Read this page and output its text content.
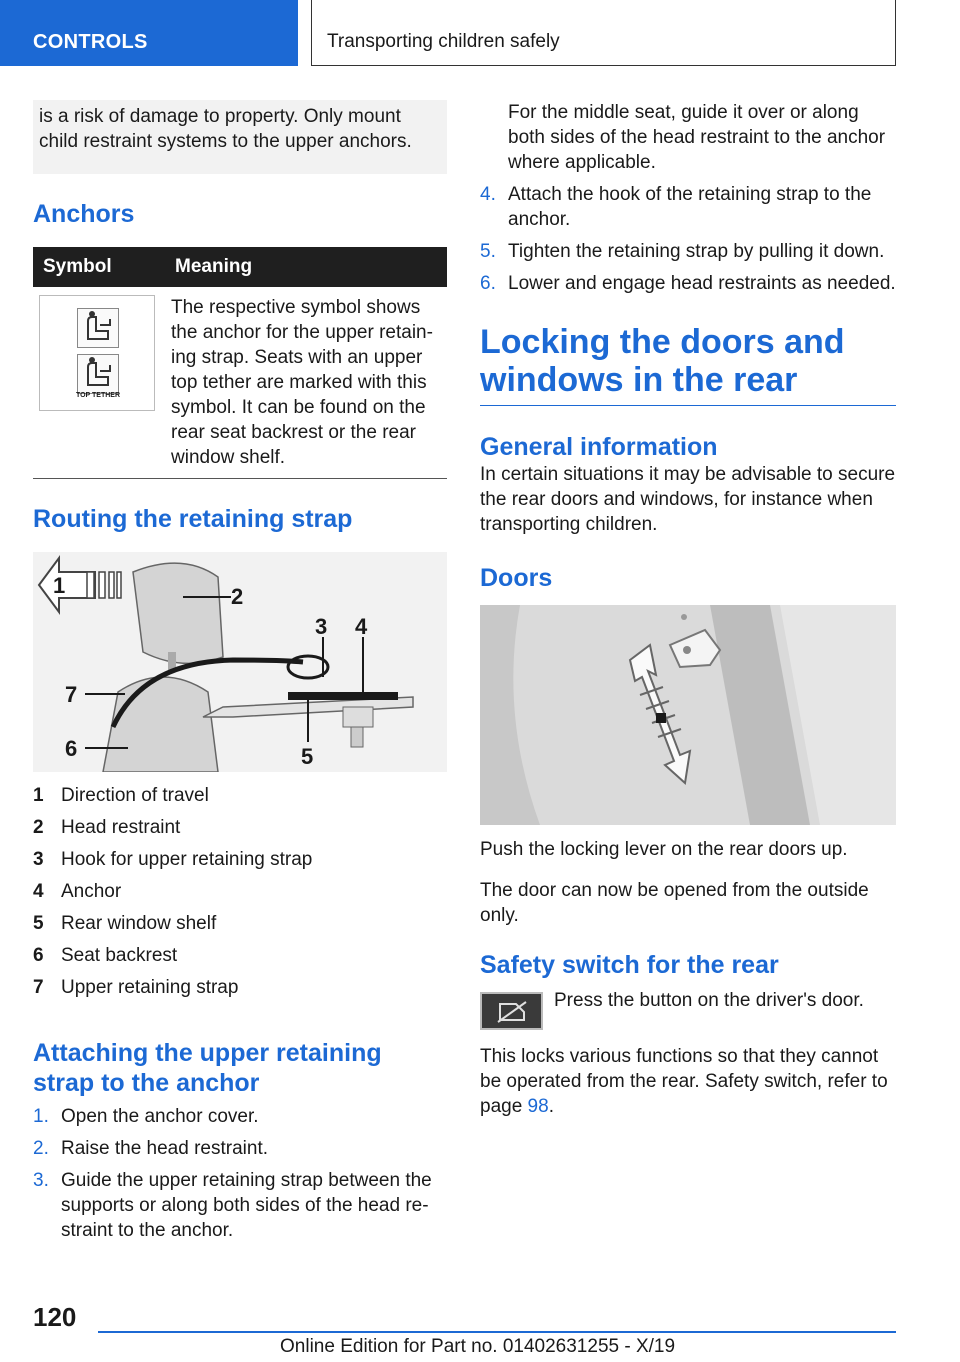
CONTROLS	Transporting children safely
is a risk of damage to property. Only mount child restraint systems to the upper anchors.
Anchors
Symbol	Meaning

TOP TETHER	The respective symbol shows the anchor for the upper retain-ing strap. Seats with an upper top tether are marked with this symbol. It can be found on the rear seat backrest or the rear window shelf.
Routing the retaining strap
1	2
3 4
5
6
7
1 Direction of travel
2 Head restraint
3 Hook for upper retaining strap
4 Anchor
5 Rear window shelf
6 Seat backrest
7 Upper retaining strap
Attaching the upper retaining strap to the anchor
1. Open the anchor cover.
2. Raise the head restraint.
3. Guide the upper retaining strap between the supports or along both sides of the head re-straint to the anchor.
For the middle seat, guide it over or along both sides of the head restraint to the anchor where applicable.
4. Attach the hook of the retaining strap to the anchor.
5. Tighten the retaining strap by pulling it down.
6. Lower and engage head restraints as needed.
Locking the doors and windows in the rear
General information

In certain situations it may be advisable to secure the rear doors and windows, for instance when transporting children.

Doors

Push the locking lever on the rear doors up.

The door can now be opened from the outside only.

Safety switch for the rear

Press the button on the driver's door.

This locks various functions so that they cannot be operated from the rear. Safety switch, refer to page 98.

120
Online Edition for Part no. 01402631255 - X/19
